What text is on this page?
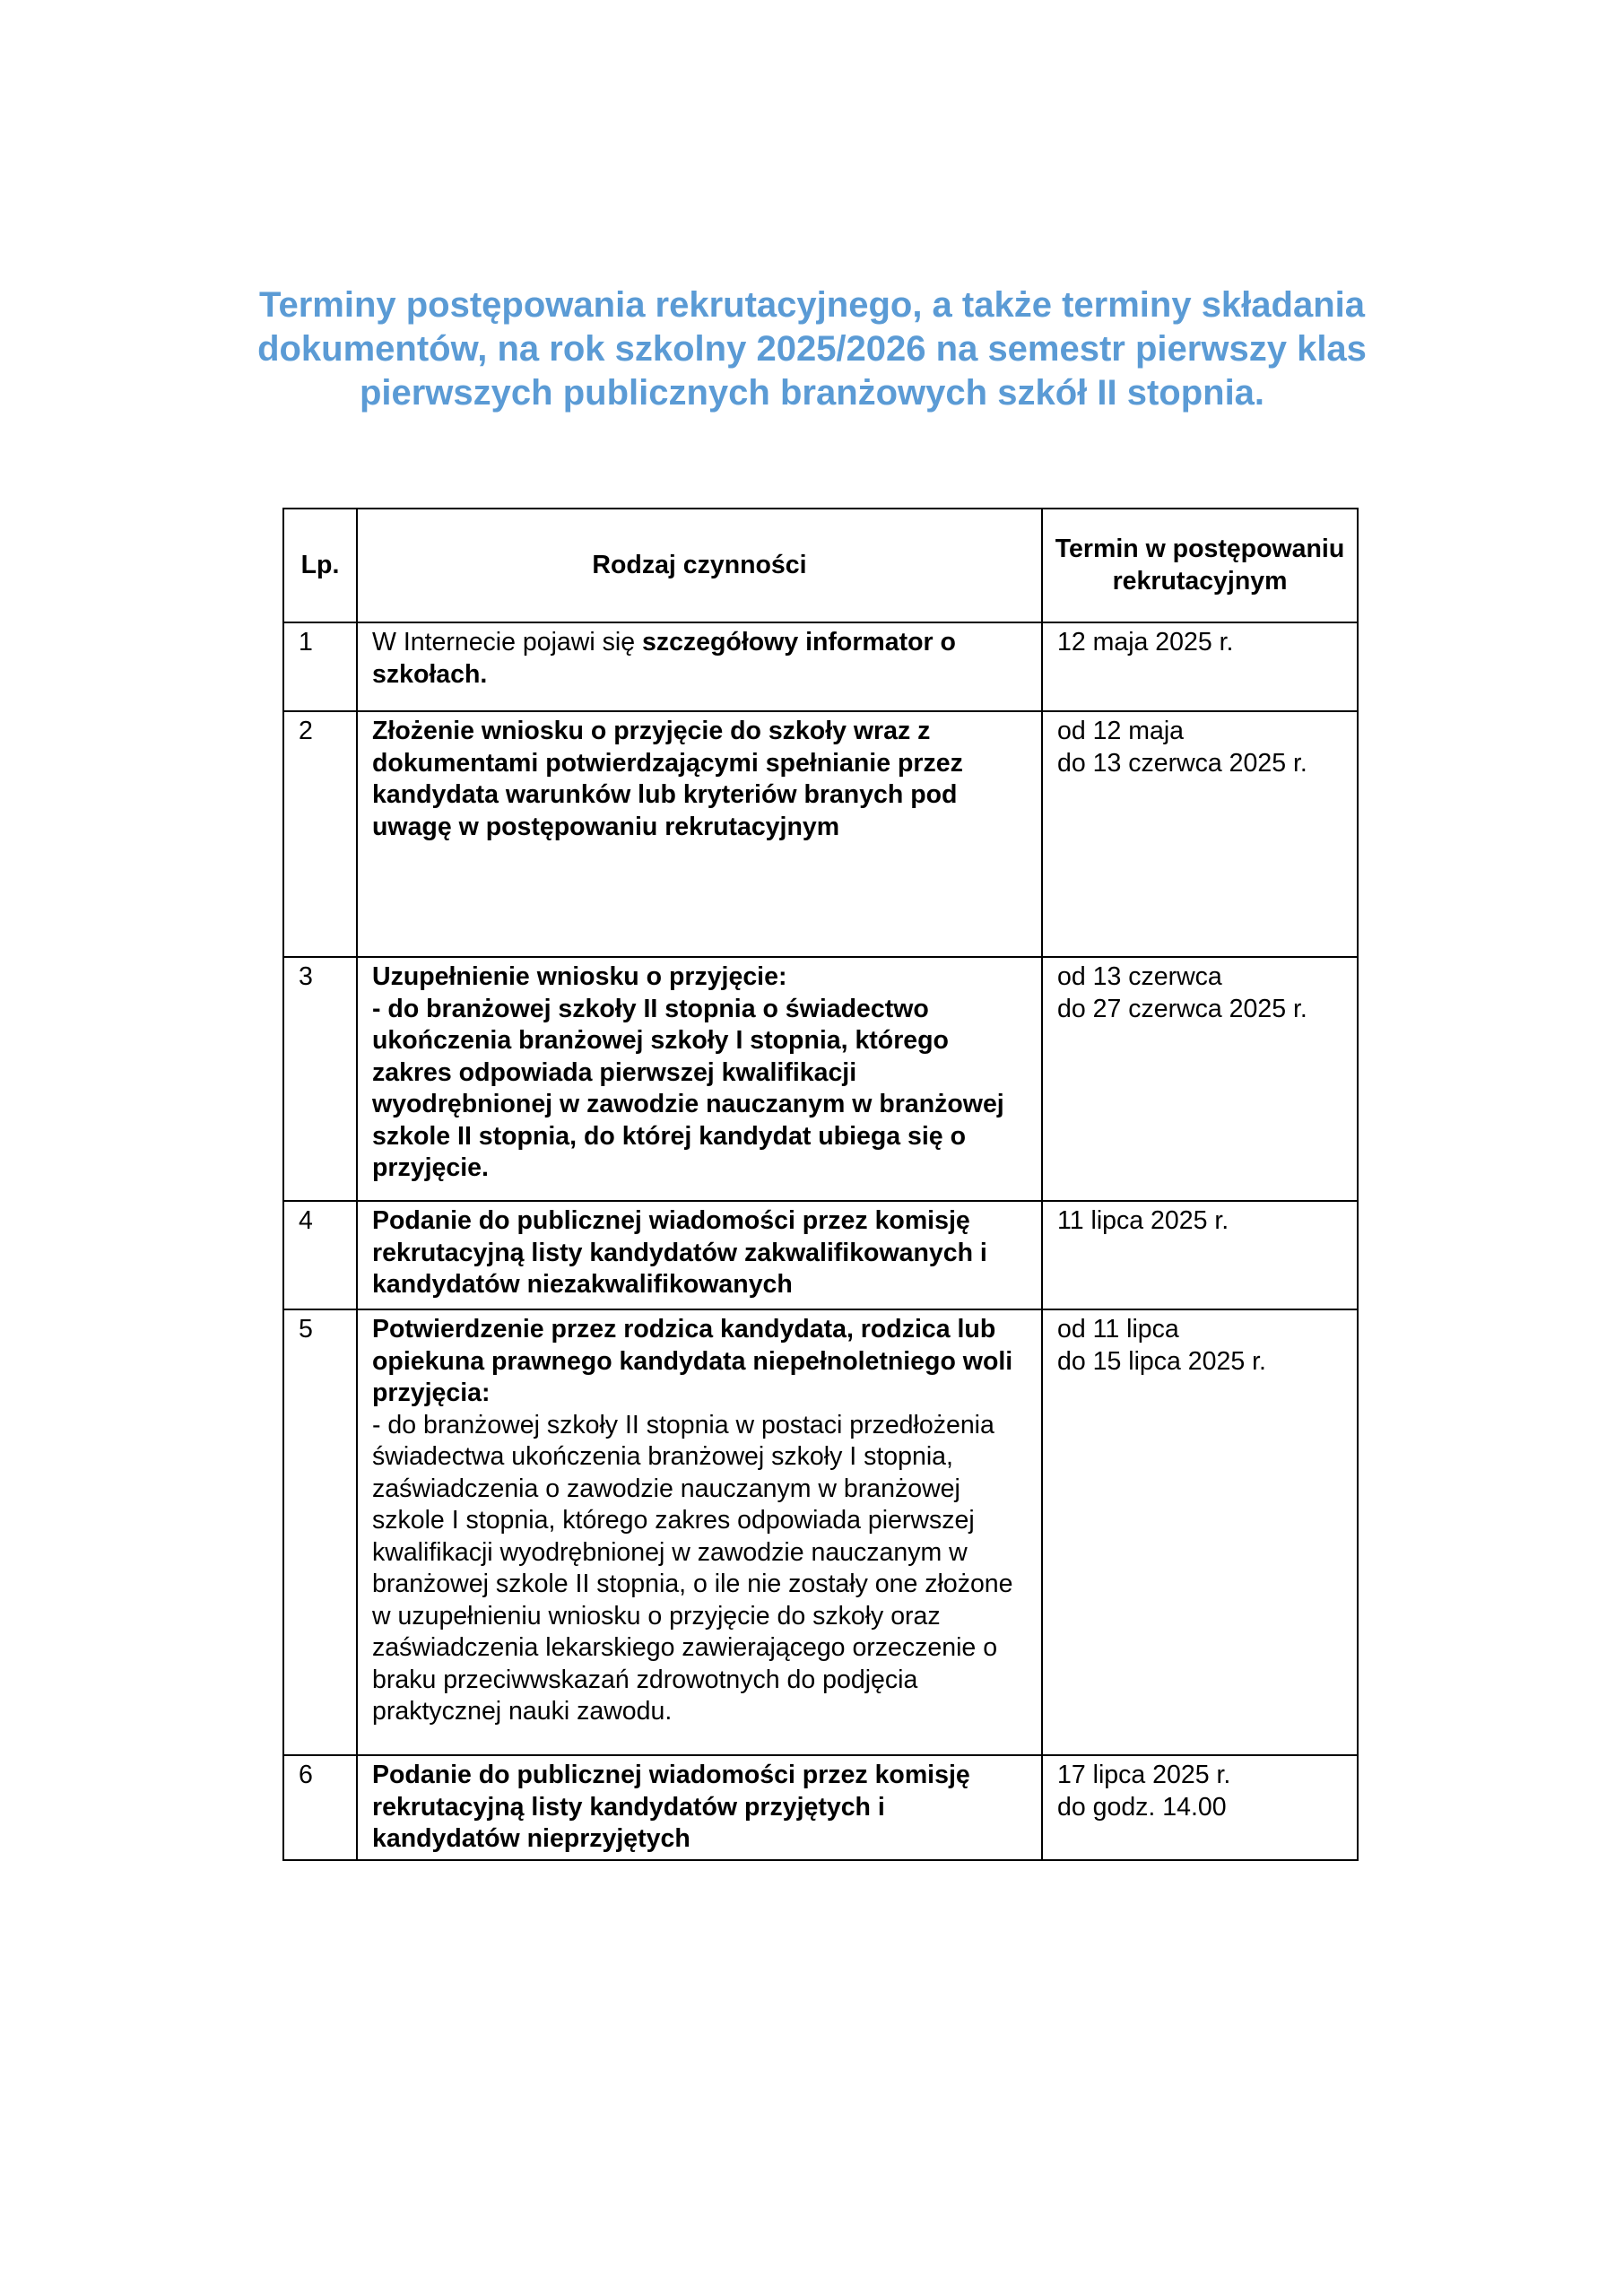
Terminy postępowania rekrutacyjnego, a także terminy składania
dokumentów, na rok szkolny 2025/2026 na semestr pierwszy klas
pierwszych publicznych branżowych szkół II stopnia.
Lp.	Rodzaj czynności	Termin w postępowaniu rekrutacyjnym
1	W Internecie pojawi się szczegółowy informator o szkołach.	12 maja 2025 r.

2	Złożenie wniosku o przyjęcie do szkoły wraz z dokumentami potwierdzającymi spełnianie przez kandydata warunków lub kryteriów branych pod uwagę w postępowaniu rekrutacyjnym	od 12 maja
do 13 czerwca 2025 r.

3	Uzupełnienie wniosku o przyjęcie:
- do branżowej szkoły II stopnia o świadectwo ukończenia branżowej szkoły I stopnia, którego zakres odpowiada pierwszej kwalifikacji wyodrębnionej w zawodzie nauczanym w branżowej szkole II stopnia, do której kandydat ubiega się o przyjęcie.	od 13 czerwca
do 27 czerwca 2025 r.

4	Podanie do publicznej wiadomości przez komisję rekrutacyjną listy kandydatów zakwalifikowanych i kandydatów niezakwalifikowanych	11 lipca 2025 r.

5	Potwierdzenie przez rodzica kandydata, rodzica lub opiekuna prawnego kandydata niepełnoletniego woli przyjęcia:
- do branżowej szkoły II stopnia w postaci przedłożenia świadectwa ukończenia branżowej szkoły I stopnia, zaświadczenia o zawodzie nauczanym w branżowej szkole I stopnia, którego zakres odpowiada pierwszej kwalifikacji wyodrębnionej w zawodzie nauczanym w branżowej szkole II stopnia, o ile nie zostały one złożone w uzupełnieniu wniosku o przyjęcie do szkoły oraz zaświadczenia lekarskiego zawierającego orzeczenie o braku przeciwwskazań zdrowotnych do podjęcia praktycznej nauki zawodu.	od 11 lipca
do 15 lipca 2025 r.

6	Podanie do publicznej wiadomości przez komisję rekrutacyjną listy kandydatów przyjętych i kandydatów nieprzyjętych	17 lipca 2025 r.
do godz. 14.00
